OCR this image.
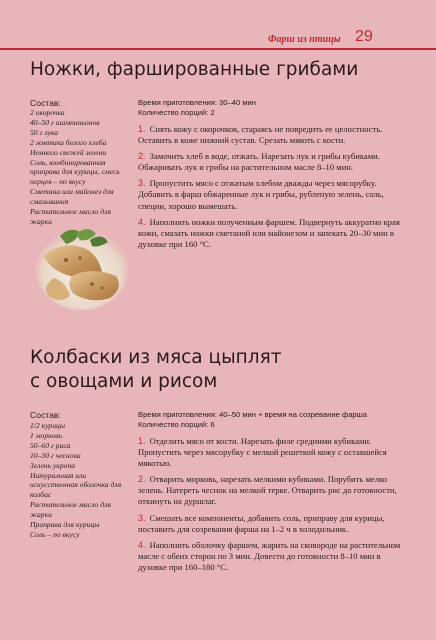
Фарш из птицы 29
Ножки, фаршированные грибами
Состав:
2 окорочка
40–50 г шампиньонов
50 г лука
2 ломтика белого хлеба
Немного свежей зелени
Соль, комбинированная приправа для курицы, смесь перцев – по вкусу
Сметана или майонез для смазывания
Растительное масло для жарки
Время приготовления: 30–40 мин
Количество порций: 2

1. Снять кожу с окорочков, стараясь не повредить ее целостность. Оставить в коже нижний сустав. Срезать мякоть с кости.

2. Замочить хлеб в воде, отжать. Нарезать лук и грибы кубиками. Обжаривать лук и грибы на растительном масле 8–10 мин.

3. Пропустить мясо с отжатым хлебом дважды через мясорубку. Добавить в фарш обжаренные лук и грибы, рубленую зелень, соль, специи, хорошо вымешать.

4. Наполнить ножки полученным фаршем. Подвернуть аккуратно края кожи, смазать ножки сметаной или майонезом и запекать 20–30 мин в духовке при 160 °С.

Колбаски из мяса цыплят
с овощами и рисом
Состав:
1/2 курицы
1 морковь
50–60 г риса
10–30 г чеснока
Зелень укропа
Натуральная или искусственная оболочка для колбас
Растительное масло для жарки
Приправа для курицы
Соль – по вкусу
Время приготовления: 40–50 мин + время на созревание фарша
Количество порций: 6

1. Отделить мясо от кости. Нарезать филе средними кубиками. Пропустить через мясорубку с мелкой решеткой кожу с оставшейся мякотью.

2. Отварить морковь, нарезать мелкими кубиками. Порубить мелко зелень. Натереть чеснок на мелкой терке. Отварить рис до готовности, откинуть на дуршлаг.

3. Смешать все компоненты, добавить соль, приправу для курицы, поставить для созревания фарша на 1–2 ч в холодильник.

4. Наполнить оболочку фаршем, жарить на сковороде на растительном масле с обеих сторон по 3 мин. Довести до готовности 8–10 мин в духовке при 160–180 °С.
